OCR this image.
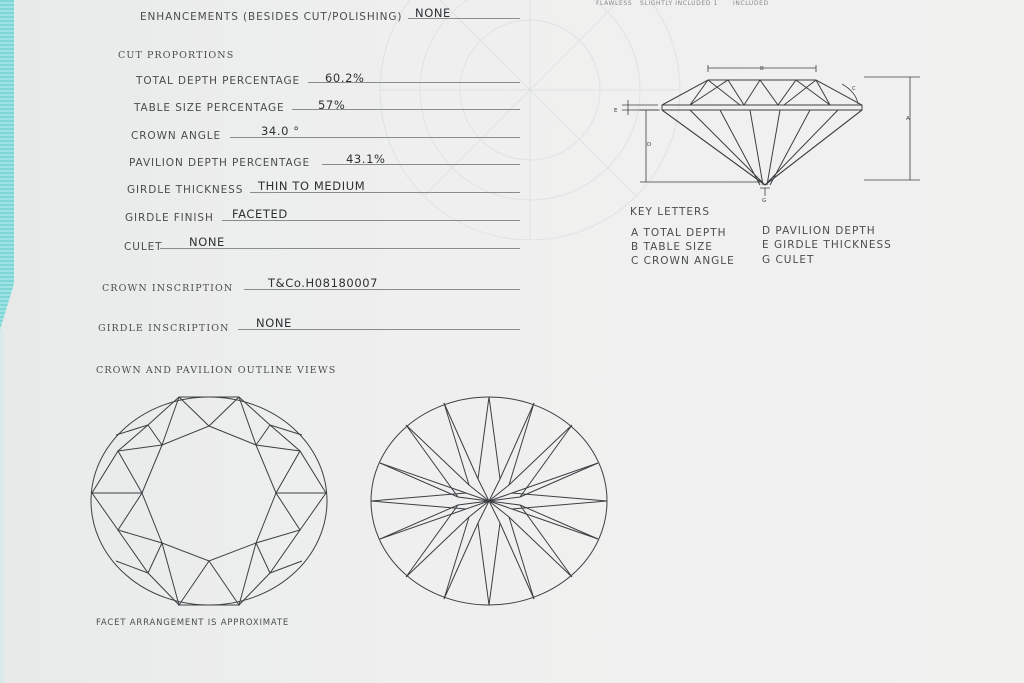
FLAWLESS SLIGHTLY INCLUDED 1	INCLUDED
ENHANCEMENTS (BESIDES CUT/POLISHING) NONE
CUT PROPORTIONS
TOTAL DEPTH PERCENTAGE 60.2%
TABLE SIZE PERCENTAGE	57%
CROWN ANGLE	34.0 °
PAVILION DEPTH PERCENTAGE	43.1%
GIRDLE THICKNESS THIN TO MEDIUM
GIRDLE FINISH FACETED
CULET NONE
CROWN INSCRIPTION	T&Co.H08180007
GIRDLE INSCRIPTION NONE
CROWN AND PAVILION OUTLINE VIEWS
FACET ARRANGEMENT IS APPROXIMATE
B
C
A
D
E
G
KEY LETTERS
A TOTAL DEPTH
B TABLE SIZE
C CROWN ANGLE
D PAVILION DEPTH
E GIRDLE THICKNESS
G CULET
